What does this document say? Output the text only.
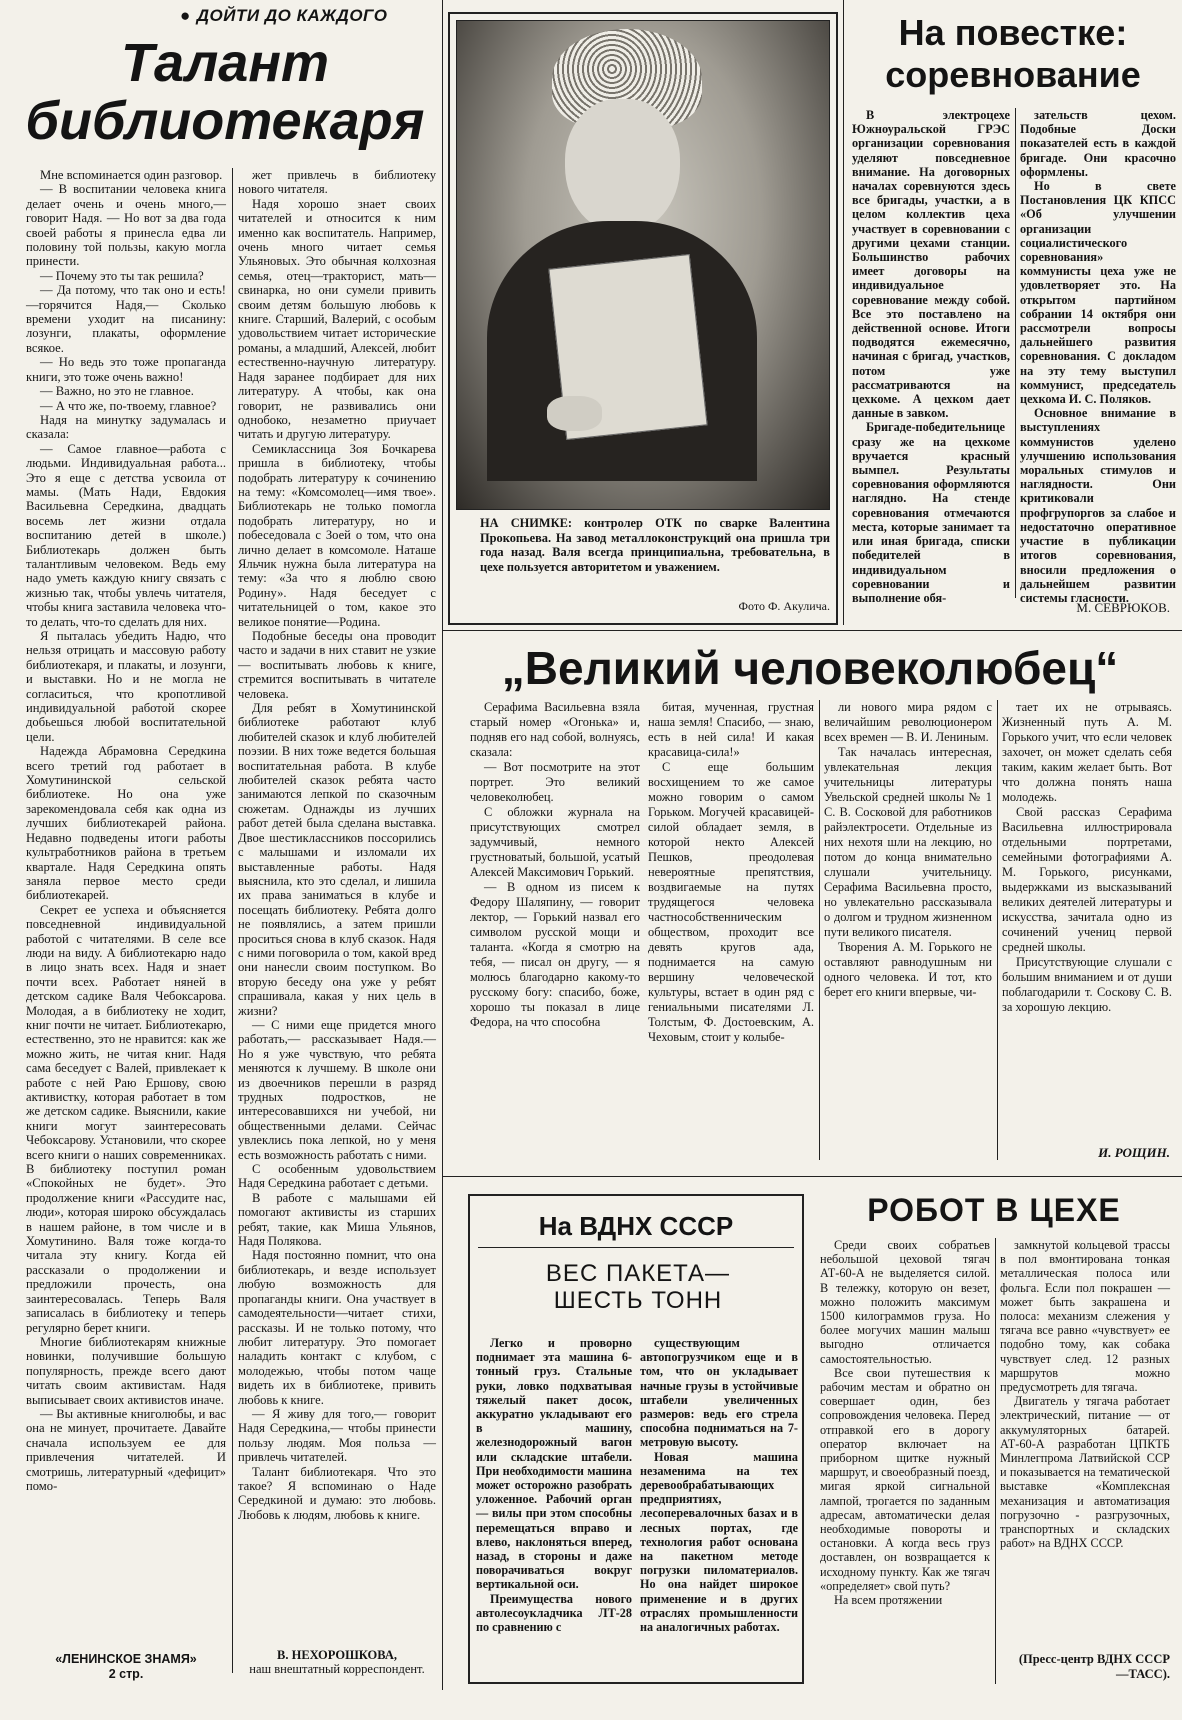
● ДОЙТИ ДО КАЖДОГО
Талант
библиотекаря

Мне вспоминается один разговор.

— В воспитании человека книга делает очень и очень много,— говорит Надя. — Но вот за два года своей работы я принесла едва ли половину той пользы, какую могла принести.

— Почему это ты так решила?

— Да потому, что так оно и есть!—горячится Надя,— Сколько времени уходит на писанину: лозунги, плакаты, оформление всякое.

— Но ведь это тоже пропаганда книги, это тоже очень важно!

— Важно, но это не главное.

— А что же, по-твоему, главное?

Надя на минутку задумалась и сказала:

— Самое главное—работа с людьми. Индивидуальная работа... Это я еще с детства усвоила от мамы. (Мать Нади, Евдокия Васильевна Середкина, двадцать восемь лет жизни отдала воспитанию детей в школе.) Библиотекарь должен быть талантливым человеком. Ведь ему надо уметь каждую книгу связать с жизнью так, чтобы увлечь читателя, чтобы книга заставила человека что-то делать, что-то сделать для них.

Я пыталась убедить Надю, что нельзя отрицать и массовую работу библиотекаря, и плакаты, и лозунги, и выставки. Но и не могла не согласиться, что кропотливой индивидуальной работой скорее добьешься любой воспитательной цели.

Надежда Абрамовна Середкина всего третий год работает в Хомутининской сельской библиотеке. Но она уже зарекомендовала себя как одна из лучших библиотекарей района. Недавно подведены итоги работы культработников района в третьем квартале. Надя Середкина опять заняла первое место среди библиотекарей.

Секрет ее успеха и объясняется повседневной индивидуальной работой с читателями. В селе все люди на виду. А библиотекарю надо в лицо знать всех. Надя и знает почти всех. Работает няней в детском садике Валя Чебоксарова. Молодая, а в библиотеку не ходит, книг почти не читает. Библиотекарю, естественно, это не нравится: как же можно жить, не читая книг. Надя сама беседует с Валей, привлекает к работе с ней Раю Ершову, свою активистку, которая работает в том же детском садике. Выяснили, какие книги могут заинтересовать Чебоксарову. Установили, что скорее всего книги о наших современниках. В библиотеку поступил роман «Спокойных не будет». Это продолжение книги «Рассудите нас, люди», которая широко обсуждалась в нашем районе, в том числе и в Хомутинино. Валя тоже когда-то читала эту книгу. Когда ей рассказали о продолжении и предложили прочесть, она заинтересовалась. Теперь Валя записалась в библиотеку и теперь регулярно берет книги.

Многие библиотекарям книжные новинки, получившие большую популярность, прежде всего дают читать своим активистам. Надя выписывает своих активистов иначе.

— Вы активные книголюбы, и вас она не минует, прочитаете. Давайте сначала используем ее для привлечения читателей. И смотришь, литературный «дефицит» помо-

жет привлечь в библиотеку нового читателя.

Надя хорошо знает своих читателей и относится к ним именно как воспитатель. Например, очень много читает семья Ульяновых. Это обычная колхозная семья, отец—тракторист, мать—свинарка, но они сумели привить своим детям большую любовь к книге. Старший, Валерий, с особым удовольствием читает исторические романы, а младший, Алексей, любит естественно-научную литературу. Надя заранее подбирает для них литературу. А чтобы, как она говорит, не развивались они однобоко, незаметно приучает читать и другую литературу.

Семиклассница Зоя Бочкарева пришла в библиотеку, чтобы подобрать литературу к сочинению на тему: «Комсомолец—имя твое». Библиотекарь не только помогла подобрать литературу, но и побеседовала с Зоей о том, что она лично делает в комсомоле. Наташе Яльчик нужна была литература на тему: «За что я люблю свою Родину». Надя беседует с читательницей о том, какое это великое понятие—Родина.

Подобные беседы она проводит часто и задачи в них ставит не узкие — воспитывать любовь к книге, стремится воспитывать в читателе человека.

Для ребят в Хомутининской библиотеке работают клуб любителей сказок и клуб любителей поэзии. В них тоже ведется большая воспитательная работа. В клубе любителей сказок ребята часто занимаются лепкой по сказочным сюжетам. Однажды из лучших работ детей была сделана выставка. Двое шестиклассников поссорились с малышами и изломали их выставленные работы. Надя выяснила, кто это сделал, и лишила их права заниматься в клубе и посещать библиотеку. Ребята долго не появлялись, а затем пришли проситься снова в клуб сказок. Надя с ними поговорила о том, какой вред они нанесли своим поступком. Во вторую беседу она уже у ребят спрашивала, какая у них цель в жизни?

— С ними еще придется много работать,— рассказывает Надя.— Но я уже чувствую, что ребята меняются к лучшему. В школе они из двоечников перешли в разряд трудных подростков, не интересовавшихся ни учебой, ни общественными делами. Сейчас увлеклись пока лепкой, но у меня есть возможность работать с ними.

С особенным удовольствием Надя Середкина работает с детьми.

В работе с малышами ей помогают активисты из старших ребят, такие, как Миша Ульянов, Надя Полякова.

Надя постоянно помнит, что она библиотекарь, и везде использует любую возможность для пропаганды книги. Она участвует в самодеятельности—читает стихи, рассказы. И не только потому, что любит литературу. Это помогает наладить контакт с клубом, с молодежью, чтобы потом чаще видеть их в библиотеке, привить любовь к книге.

— Я живу для того,— говорит Надя Середкина,— чтобы принести пользу людям. Моя польза — привлечь читателей.

Талант библиотекаря. Что это такое? Я вспоминаю о Наде Середкиной и думаю: это любовь. Любовь к людям, любовь к книге.

В. НЕХОРОШКОВА,
наш внештатный корреспондент.
«ЛЕНИНСКОЕ ЗНАМЯ»
2 стр.
НА СНИМКЕ: контролер ОТК по сварке Валентина Прокопьева. На завод металлоконструкций она пришла три года назад. Валя всегда принципиальна, требовательна, в цехе пользуется авторитетом и уважением.
Фото Ф. Акулича.
На повестке:
соревнование

В электроцехе Южноуральской ГРЭС организации соревнования уделяют повседневное внимание. На договорных началах соревнуются здесь все бригады, участки, а в целом коллектив цеха участвует в соревновании с другими цехами станции. Большинство рабочих имеет договоры на индивидуальное соревнование между собой. Все это поставлено на действенной основе. Итоги подводятся ежемесячно, начиная с бригад, участков, потом уже рассматриваются на цехкоме. А цехком дает данные в завком.

Бригаде-победительнице сразу же на цехкоме вручается красный вымпел. Результаты соревнования оформляются наглядно. На стенде соревнования отмечаются места, которые занимает та или иная бригада, списки победителей в индивидуальном соревновании и выполнение обя-

зательств цехом. Подобные Доски показателей есть в каждой бригаде. Они красочно оформлены.

Но в свете Постановления ЦК КПСС «Об улучшении организации социалистического соревнования» коммунисты цеха уже не удовлетворяет это. На открытом партийном собрании 14 октября они рассмотрели вопросы дальнейшего развития соревнования. С докладом на эту тему выступил коммунист, председатель цехкома И. С. Поляков.

Основное внимание в выступлениях коммунистов уделено улучшению использования моральных стимулов и наглядности. Они критиковали профгрупоргов за слабое и недостаточно оперативное участие в публикации итогов соревнования, вносили предложения о дальнейшем развитии системы гласности.

М. СЕВРЮКОВ.
„Великий человеколюбец“

Серафима Васильевна взяла старый номер «Огонька» и, подняв его над собой, волнуясь, сказала:

— Вот посмотрите на этот портрет. Это великий человеколюбец.

С обложки журнала на присутствующих смотрел задумчивый, немного грустноватый, большой, усатый Алексей Максимович Горький.

— В одном из писем к Федору Шаляпину, — говорит лектор, — Горький назвал его символом русской мощи и таланта. «Когда я смотрю на тебя, — писал он другу, — я молюсь благодарно какому-то русскому богу: спасибо, боже, хорошо ты показал в лице Федора, на что способна

битая, мученная, грустная наша земля! Спасибо, — знаю, есть в ней сила! И какая красавица-сила!»

С еще большим восхищением то же самое можно говорим о самом Горьком. Могучей красавицей-силой обладает земля, в которой некто Алексей Пешков, преодолевая невероятные препятствия, воздвигаемые на путях трудящегося человека частнособственническим обществом, проходит все девять кругов ада, поднимается на самую вершину человеческой культуры, встает в один ряд с гениальными писателями Л. Толстым, Ф. Достоевским, А. Чеховым, стоит у колыбе-

ли нового мира рядом с величайшим революционером всех времен — В. И. Лениным.

Так началась интересная, увлекательная лекция учительницы литературы Увельской средней школы № 1 С. В. Сосковой для работников райэлектросети. Отдельные из них нехотя шли на лекцию, но потом до конца внимательно слушали учительницу. Серафима Васильевна просто, но увлекательно рассказывала о долгом и трудном жизненном пути великого писателя.

Творения А. М. Горького не оставляют равнодушным ни одного человека. И тот, кто берет его книги впервые, чи-

тает их не отрываясь. Жизненный путь А. М. Горького учит, что если человек захочет, он может сделать себя таким, каким желает быть. Вот что должна понять наша молодежь.

Свой рассказ Серафима Васильевна иллюстрировала отдельными портретами, семейными фотографиями А. М. Горького, рисунками, выдержками из высказываний великих деятелей литературы и искусства, зачитала одно из сочинений учениц первой средней школы.

Присутствующие слушали с большим вниманием и от души поблагодарили т. Соскову С. В. за хорошую лекцию.

И. РОЩИН.
На ВДНХ СССР
ВЕС ПАКЕТА—
ШЕСТЬ ТОНН

Легко и проворно поднимает эта машина 6-тонный груз. Стальные руки, ловко подхватывая тяжелый пакет досок, аккуратно укладывают его в машину, железнодорожный вагон или складские штабели. При необходимости машина может осторожно разобрать уложенное. Рабочий орган — вилы при этом способны перемещаться вправо и влево, наклоняться вперед, назад, в стороны и даже поворачиваться вокруг вертикальной оси.

Преимущества нового автолесоукладчика ЛТ-28 по сравнению с

существующим автопогрузчиком еще и в том, что он укладывает начные грузы в устойчивые штабели увеличенных размеров: ведь его стрела способна подниматься на 7-метровую высоту.

Новая машина незаменима на тех деревообрабатывающих предприятиях, лесоперевалочных базах и в лесных портах, где технология работ основана на пакетном методе погрузки пиломатериалов. Но она найдет широкое применение и в других отраслях промышленности на аналогичных работах.

РОБОТ В ЦЕХЕ

Среди своих собратьев небольшой цеховой тягач АТ-60-А не выделяется силой. В тележку, которую он везет, можно положить максимум 1500 килограммов груза. Но более могучих машин малыш выгодно отличается самостоятельностью.

Все свои путешествия к рабочим местам и обратно он совершает один, без сопровождения человека. Перед отправкой его в дорогу оператор включает на приборном щитке нужный маршрут, и своеобразный поезд, мигая яркой сигнальной лампой, трогается по заданным адресам, автоматически делая необходимые повороты и остановки. А когда весь груз доставлен, он возвращается к исходному пункту. Как же тягач «определяет» свой путь?

На всем протяжении

замкнутой кольцевой трассы в пол вмонтирована тонкая металлическая полоса или фольга. Если пол покрашен — может быть закрашена и полоса: механизм слежения у тягача все равно «чувствует» ее подобно тому, как собака чувствует след. 12 разных маршрутов можно предусмотреть для тягача.

Двигатель у тягача работает электрический, питание — от аккумуляторных батарей. АТ-60-А разработан ЦПКТБ Минлегпрома Латвийской ССР и показывается на тематической выставке «Комплексная механизация и автоматизация погрузочно - разгрузочных, транспортных и складских работ» на ВДНХ СССР.

(Пресс-центр ВДНХ СССР—ТАСС).
